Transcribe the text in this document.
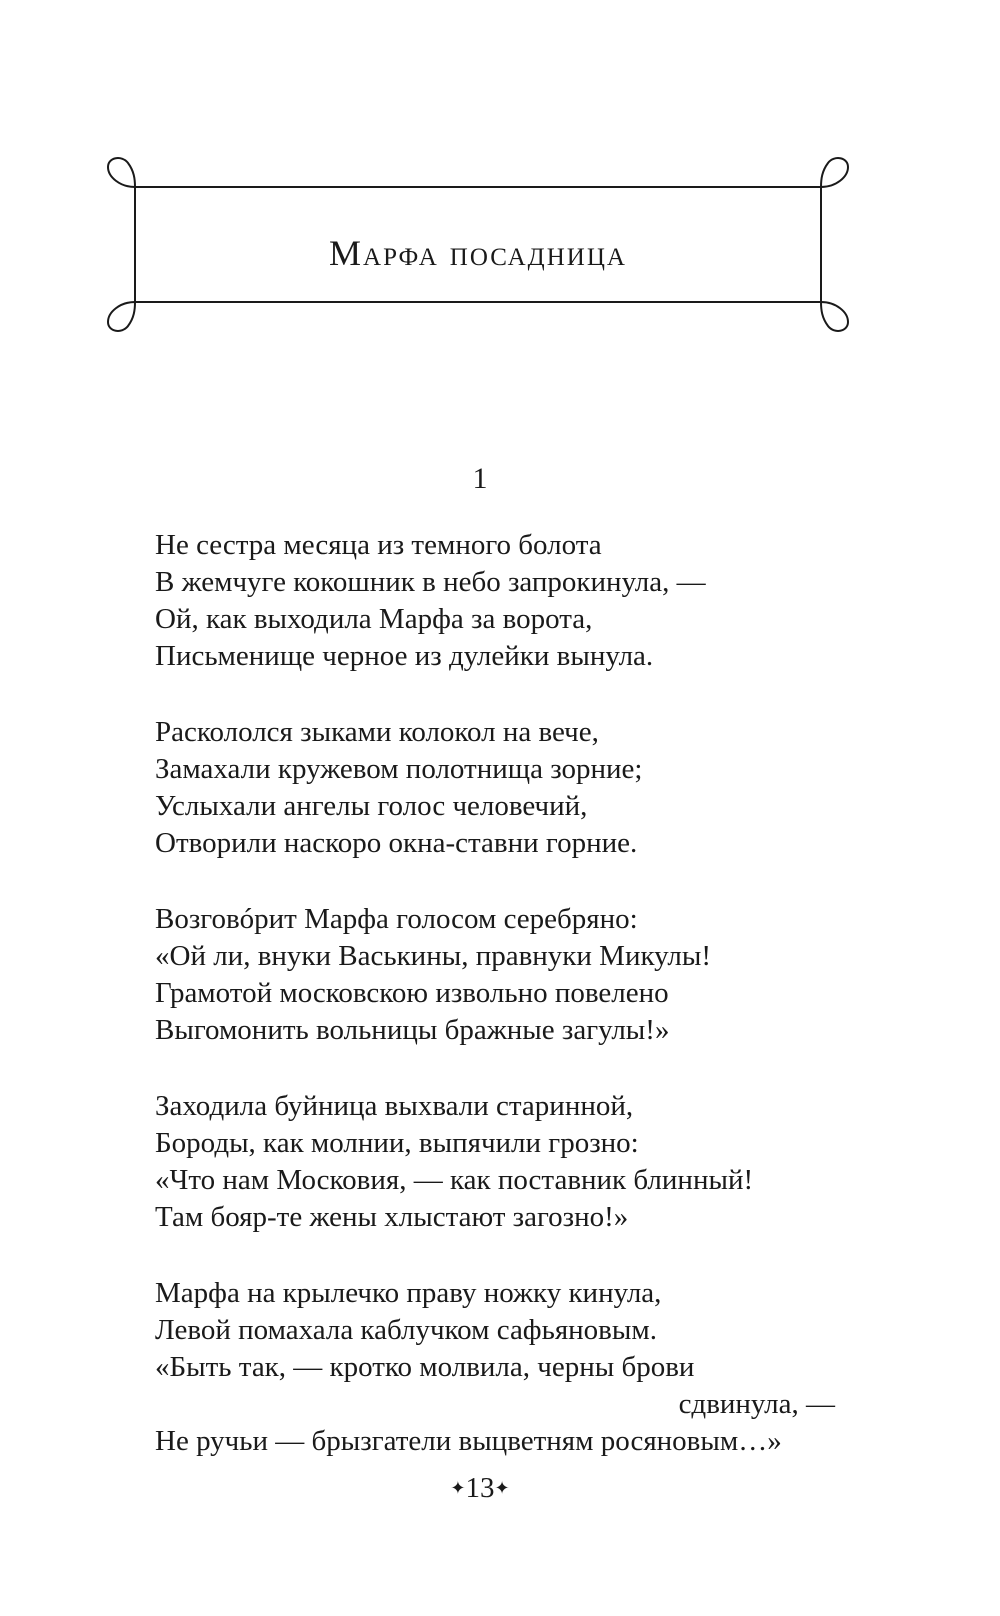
Марфа посадница
1
Не сестра месяца из темного болота
В жемчуге кокошник в небо запрокинула, —
Ой, как выходила Марфа за ворота,
Письменище черное из дулейки вынула.
Раскололся зыками колокол на вече,
Замахали кружевом полотнища зорние;
Услыхали ангелы голос человечий,
Отворили наскоро окна-ставни горние.
Возговóрит Марфа голосом серебряно:
«Ой ли, внуки Васькины, правнуки Микулы!
Грамотой московскою извольно повелено
Выгомонить вольницы бражные загулы!»
Заходила буйница выхвали старинной,
Бороды, как молнии, выпячили грозно:
«Что нам Московия, — как поставник блинный!
Там бояр-те жены хлыстают загозно!»
Марфа на крылечко праву ножку кинула,
Левой помахала каблучком сафьяновым.
«Быть так, — кротко молвила, черны брови
сдвинула, —
Не ручьи — брызгатели выцветням росяновым…»
✦13✦
